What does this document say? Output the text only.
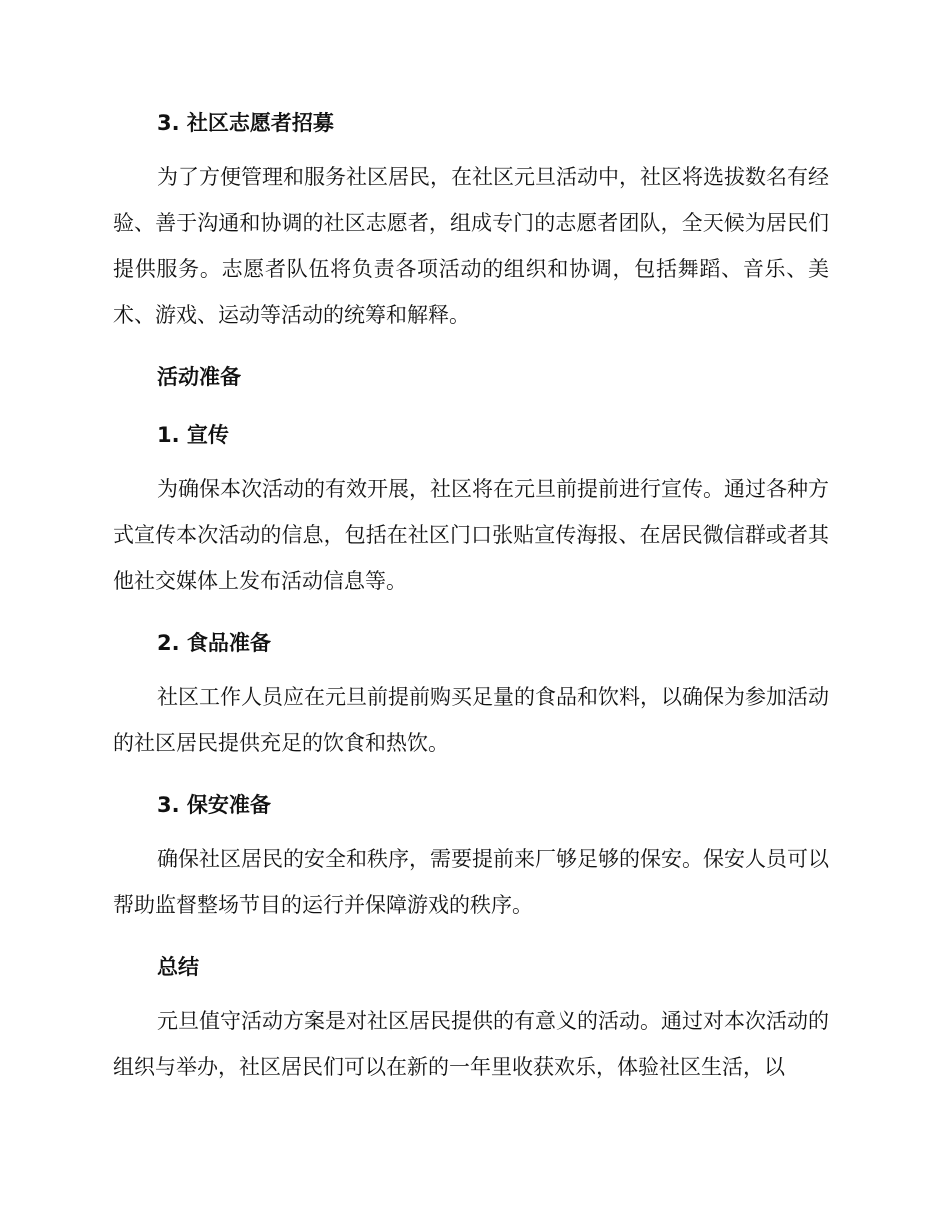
3. 社区志愿者招募

为了方便管理和服务社区居民，在社区元旦活动中，社区将选拔数名有经验、善于沟通和协调的社区志愿者，组成专门的志愿者团队，全天候为居民们提供服务。志愿者队伍将负责各项活动的组织和协调，包括舞蹈、音乐、美术、游戏、运动等活动的统筹和解释。

活动准备
1. 宣传

为确保本次活动的有效开展，社区将在元旦前提前进行宣传。通过各种方式宣传本次活动的信息，包括在社区门口张贴宣传海报、在居民微信群或者其他社交媒体上发布活动信息等。

2. 食品准备

社区工作人员应在元旦前提前购买足量的食品和饮料，以确保为参加活动的社区居民提供充足的饮食和热饮。

3. 保安准备

确保社区居民的安全和秩序，需要提前来厂够足够的保安。保安人员可以帮助监督整场节目的运行并保障游戏的秩序。

总结

元旦值守活动方案是对社区居民提供的有意义的活动。通过对本次活动的组织与举办，社区居民们可以在新的一年里收获欢乐，体验社区生活，以
